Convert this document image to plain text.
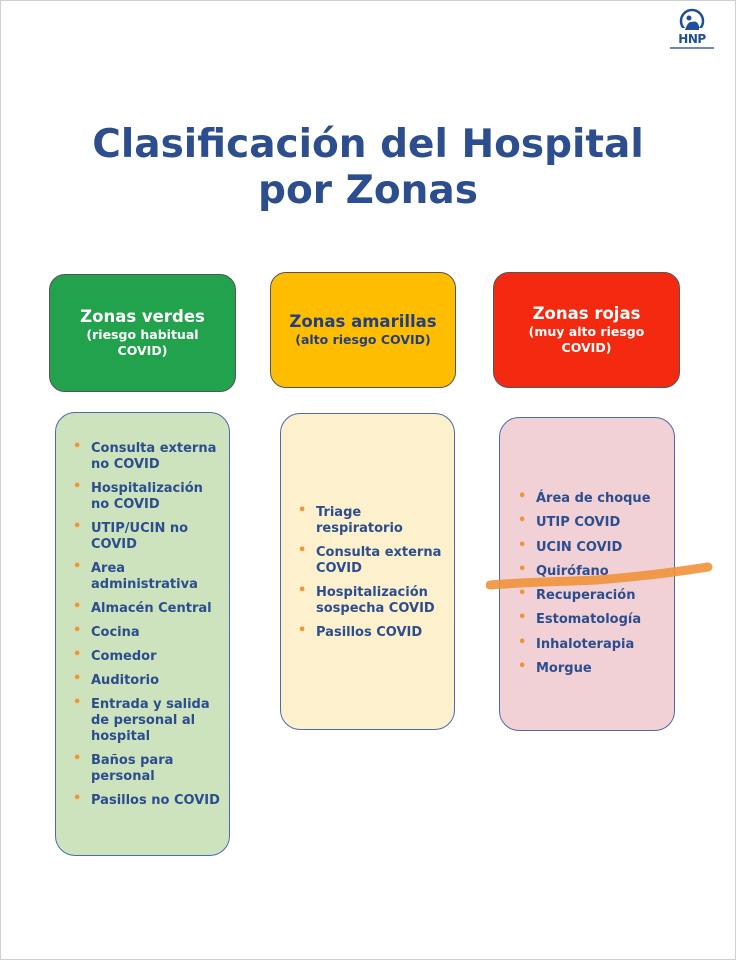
HNP
Clasificación del Hospital
por Zonas
Zonas verdes
(riesgo habitual
COVID)
Zonas amarillas
(alto riesgo COVID)
Zonas rojas
(muy alto riesgo
COVID)
• Consulta externa no COVID
• Hospitalización no COVID
• UTIP/UCIN no COVID
• Area administrativa
• Almacén Central
• Cocina
• Comedor
• Auditorio
• Entrada y salida de personal al hospital
• Baños para personal
• Pasillos no COVID
• Triage respiratorio
• Consulta externa COVID
• Hospitalización sospecha COVID
• Pasillos COVID
• Área de choque
• UTIP COVID
• UCIN COVID
• Quirófano
• Recuperación
• Estomatología
• Inhaloterapia
• Morgue
